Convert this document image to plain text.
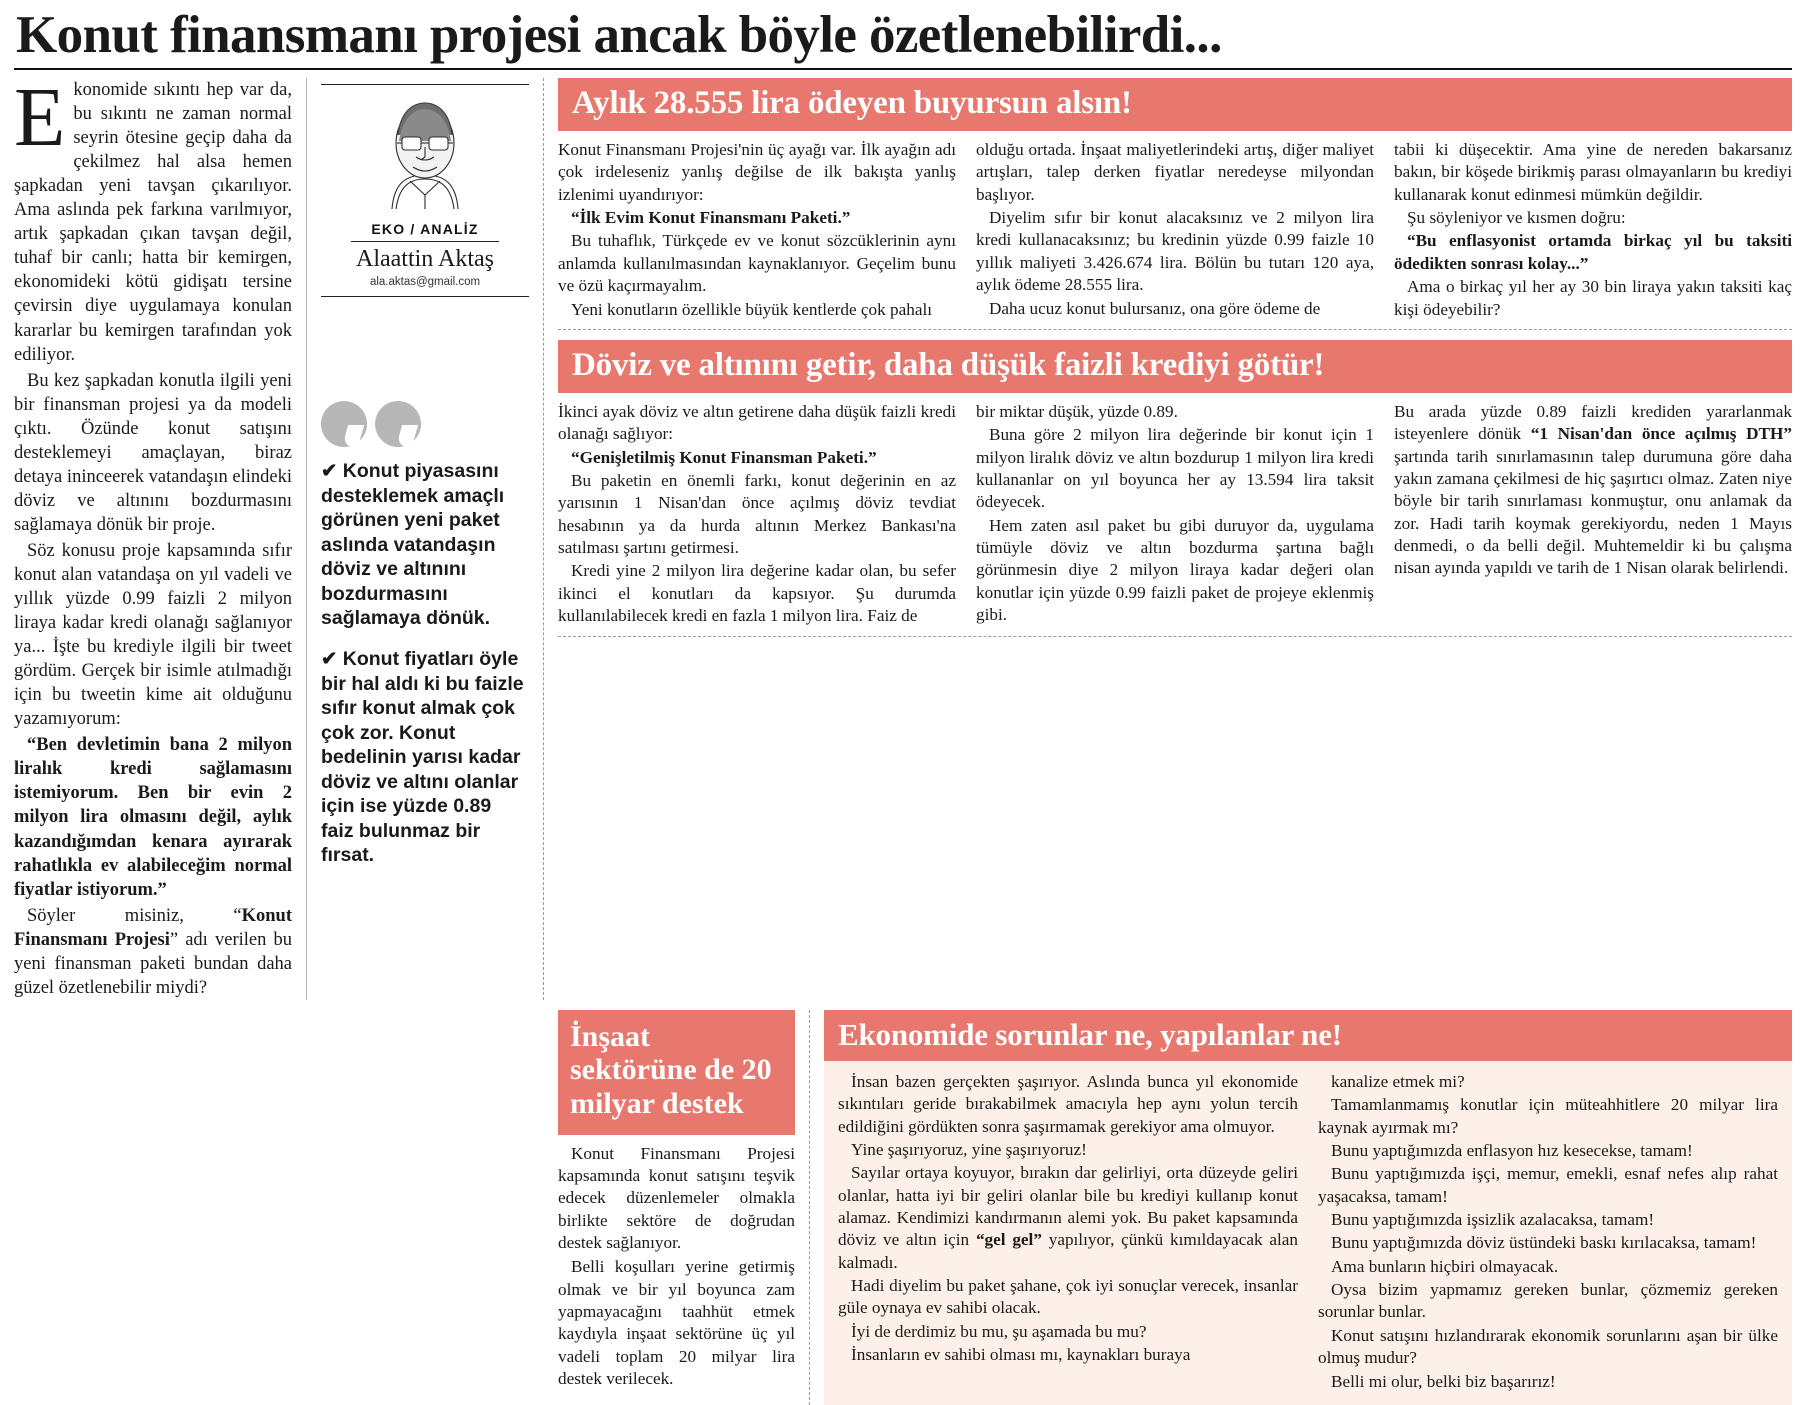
Konut finansmanı projesi ancak böyle özetlenebilirdi...

Ekonomide sıkıntı hep var da, bu sıkıntı ne zaman normal seyrin ötesine geçip daha da çekilmez hal alsa hemen şapkadan yeni tavşan çıkarılıyor. Ama aslında pek farkına varılmıyor, artık şapkadan çıkan tavşan değil, tuhaf bir canlı; hatta bir kemirgen, ekonomideki kötü gidişatı tersine çevirsin diye uygulamaya konulan kararlar bu kemirgen tarafından yok ediliyor.

Bu kez şapkadan konutla ilgili yeni bir finansman projesi ya da modeli çıktı. Özünde konut satışını desteklemeyi amaçlayan, biraz detaya ininceerek vatandaşın elindeki döviz ve altınını bozdurmasını sağlamaya dönük bir proje.

Söz konusu proje kapsamında sıfır konut alan vatandaşa on yıl vadeli ve yıllık yüzde 0.99 faizli 2 milyon liraya kadar kredi olanağı sağlanıyor ya... İşte bu krediyle ilgili bir tweet gördüm. Gerçek bir isimle atılmadığı için bu tweetin kime ait olduğunu yazamıyorum:

“Ben devletimin bana 2 milyon liralık kredi sağlamasını istemiyorum. Ben bir evin 2 milyon lira olmasını değil, aylık kazandığımdan kenara ayırarak rahatlıkla ev alabileceğim normal fiyatlar istiyorum.”

Söyler misiniz, “Konut Finansmanı Projesi” adı verilen bu yeni finansman paketi bundan daha güzel özetlenebilir miydi?

EKO / ANALİZ
Alaattin Aktaş
ala.aktas@gmail.com
✔ Konut piyasasını desteklemek amaçlı görünen yeni paket aslında vatandaşın döviz ve altınını bozdurmasını sağlamaya dönük.
✔ Konut fiyatları öyle bir hal aldı ki bu faizle sıfır konut almak çok çok zor. Konut bedelinin yarısı kadar döviz ve altını olanlar için ise yüzde 0.89 faiz bulunmaz bir fırsat.
Aylık 28.555 lira ödeyen buyursun alsın!

Konut Finansmanı Projesi'nin üç ayağı var. İlk ayağın adı çok irdeleseniz yanlış değilse de ilk bakışta yanlış izlenimi uyandırıyor:

“İlk Evim Konut Finansmanı Paketi.”

Bu tuhaflık, Türkçede ev ve konut sözcüklerinin aynı anlamda kullanılmasından kaynaklanıyor. Geçelim bunu ve özü kaçırmayalım.

Yeni konutların özellikle büyük kentlerde çok pahalı

olduğu ortada. İnşaat maliyetlerindeki artış, diğer maliyet artışları, talep derken fiyatlar neredeyse milyondan başlıyor.

Diyelim sıfır bir konut alacaksınız ve 2 milyon lira kredi kullanacaksınız; bu kredinin yüzde 0.99 faizle 10 yıllık maliyeti 3.426.674 lira. Bölün bu tutarı 120 aya, aylık ödeme 28.555 lira.

Daha ucuz konut bulursanız, ona göre ödeme de

tabii ki düşecektir. Ama yine de nereden bakarsanız bakın, bir köşede birikmiş parası olmayanların bu krediyi kullanarak konut edinmesi mümkün değildir.

Şu söyleniyor ve kısmen doğru:

“Bu enflasyonist ortamda birkaç yıl bu taksiti ödedikten sonrası kolay...”

Ama o birkaç yıl her ay 30 bin liraya yakın taksiti kaç kişi ödeyebilir?

Döviz ve altınını getir, daha düşük faizli krediyi götür!

İkinci ayak döviz ve altın getirene daha düşük faizli kredi olanağı sağlıyor:

“Genişletilmiş Konut Finansman Paketi.”

Bu paketin en önemli farkı, konut değerinin en az yarısının 1 Nisan'dan önce açılmış döviz tevdiat hesabının ya da hurda altının Merkez Bankası'na satılması şartını getirmesi.

Kredi yine 2 milyon lira değerine kadar olan, bu sefer ikinci el konutları da kapsıyor. Şu durumda kullanılabilecek kredi en fazla 1 milyon lira. Faiz de

bir miktar düşük, yüzde 0.89.

Buna göre 2 milyon lira değerinde bir konut için 1 milyon liralık döviz ve altın bozdurup 1 milyon lira kredi kullananlar on yıl boyunca her ay 13.594 lira taksit ödeyecek.

Hem zaten asıl paket bu gibi duruyor da, uygulama tümüyle döviz ve altın bozdurma şartına bağlı görünmesin diye 2 milyon liraya kadar değeri olan konutlar için yüzde 0.99 faizli paket de projeye eklenmiş gibi.

Bu arada yüzde 0.89 faizli krediden yararlanmak isteyenlere dönük “1 Nisan'dan önce açılmış DTH” şartında tarih sınırlamasının talep durumuna göre daha yakın zamana çekilmesi de hiç şaşırtıcı olmaz. Zaten niye böyle bir tarih sınırlaması konmuştur, onu anlamak da zor. Hadi tarih koymak gerekiyordu, neden 1 Mayıs denmedi, o da belli değil. Muhtemeldir ki bu çalışma nisan ayında yapıldı ve tarih de 1 Nisan olarak belirlendi.

İnşaat sektörüne de 20 milyar destek

Konut Finansmanı Projesi kapsamında konut satışını teşvik edecek düzenlemeler olmakla birlikte sektöre de doğrudan destek sağlanıyor.

Belli koşulları yerine getirmiş olmak ve bir yıl boyunca zam yapmayacağını taahhüt etmek kaydıyla inşaat sektörüne üç yıl vadeli toplam 20 milyar lira destek verilecek.

Ekonomide sorunlar ne, yapılanlar ne!

İnsan bazen gerçekten şaşırıyor. Aslında bunca yıl ekonomide sıkıntıları geride bırakabilmek amacıyla hep aynı yolun tercih edildiğini gördükten sonra şaşırmamak gerekiyor ama olmuyor.

Yine şaşırıyoruz, yine şaşırıyoruz!

Sayılar ortaya koyuyor, bırakın dar gelirliyi, orta düzeyde geliri olanlar, hatta iyi bir geliri olanlar bile bu krediyi kullanıp konut alamaz. Kendimizi kandırmanın alemi yok. Bu paket kapsamında döviz ve altın için “gel gel” yapılıyor, çünkü kımıldayacak alan kalmadı.

Hadi diyelim bu paket şahane, çok iyi sonuçlar verecek, insanlar güle oynaya ev sahibi olacak.

İyi de derdimiz bu mu, şu aşamada bu mu?

İnsanların ev sahibi olması mı, kaynakları buraya

kanalize etmek mi?

Tamamlanmamış konutlar için müteahhitlere 20 milyar lira kaynak ayırmak mı?

Bunu yaptığımızda enflasyon hız kesecekse, tamam!

Bunu yaptığımızda işçi, memur, emekli, esnaf nefes alıp rahat yaşacaksa, tamam!

Bunu yaptığımızda işsizlik azalacaksa, tamam!

Bunu yaptığımızda döviz üstündeki baskı kırılacaksa, tamam!

Ama bunların hiçbiri olmayacak.

Oysa bizim yapmamız gereken bunlar, çözmemiz gereken sorunlar bunlar.

Konut satışını hızlandırarak ekonomik sorunlarını aşan bir ülke olmuş mudur?

Belli mi olur, belki biz başarırız!
